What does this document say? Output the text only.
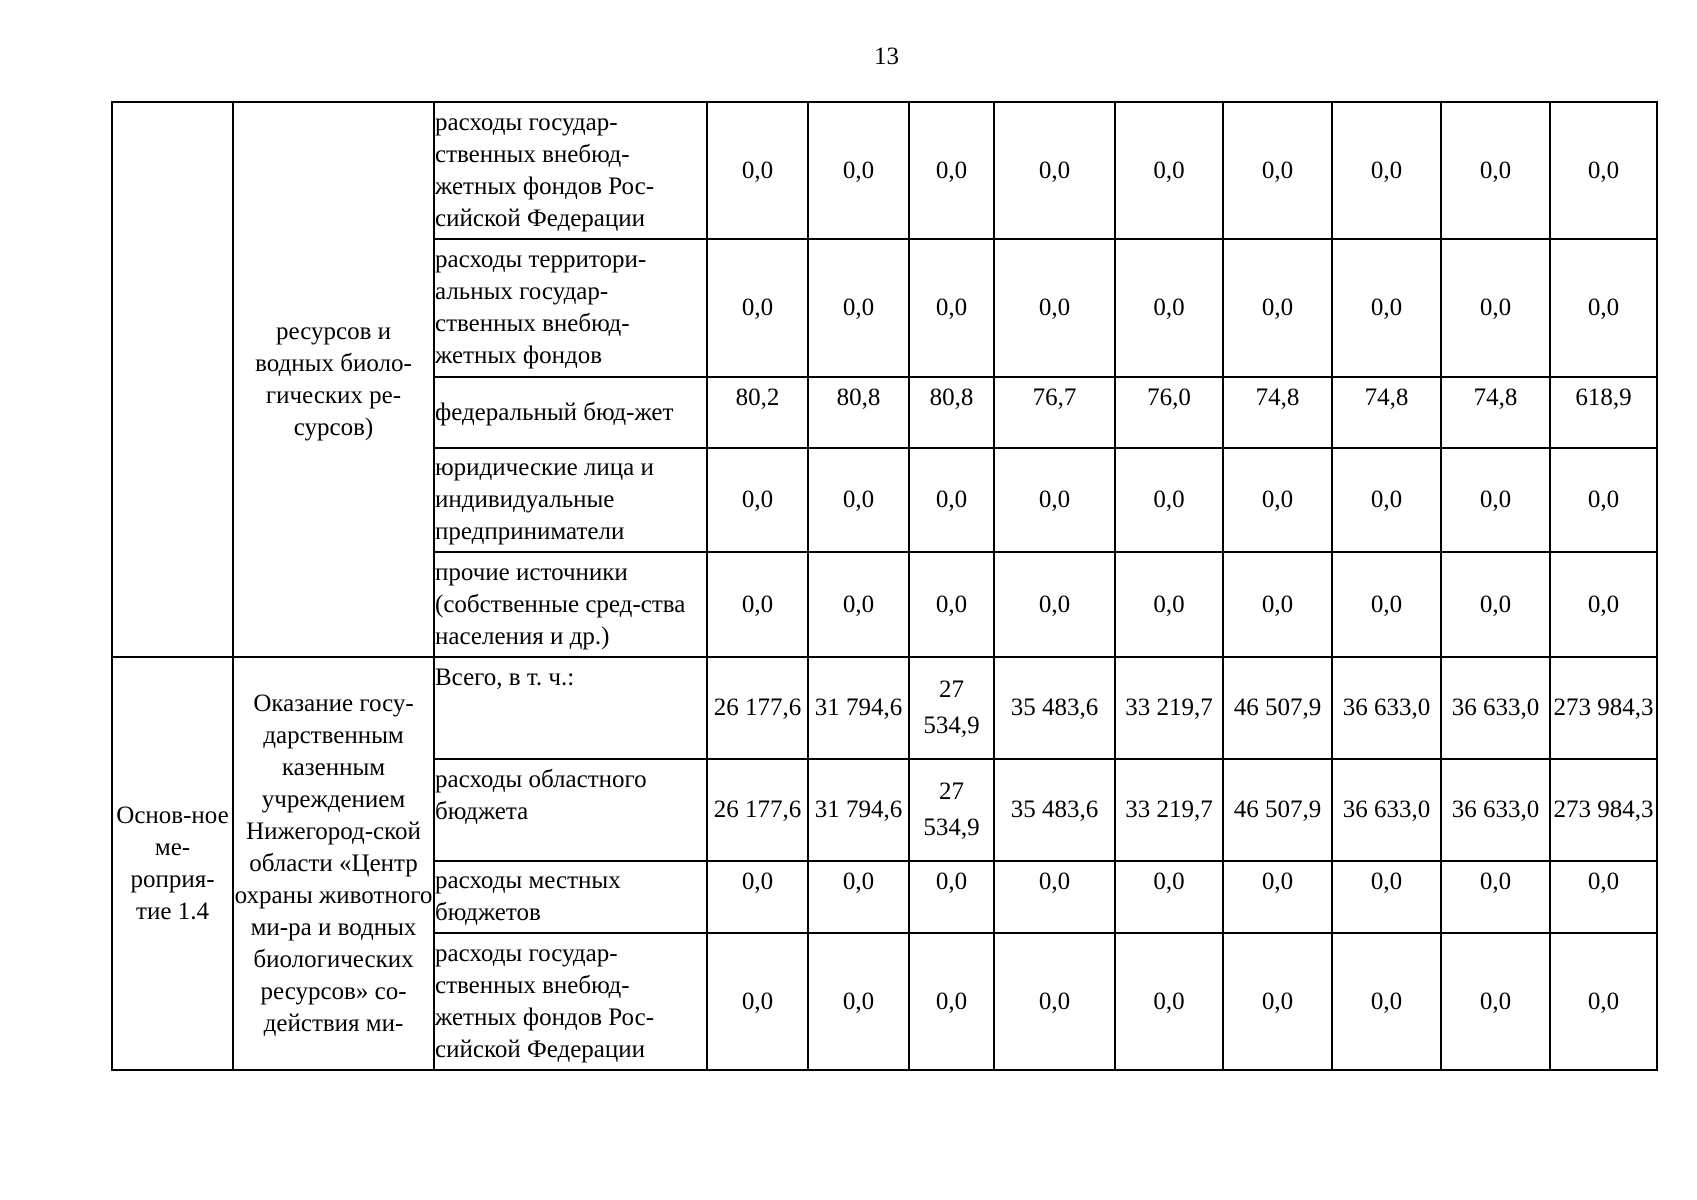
13
	ресурсов и водных биоло-гических ре-сурсов)	расходы государ-ственных внебюд-жетных фондов Рос-сийской Федерации	0,0	0,0	0,0	0,0	0,0	0,0	0,0	0,0	0,0
		расходы территори-альных государ-ственных внебюд-жетных фондов	0,0	0,0	0,0	0,0	0,0	0,0	0,0	0,0	0,0
		федеральный бюд-жет	80,2	80,8	80,8	76,7	76,0	74,8	74,8	74,8	618,9
		юридические лица и индивидуальные предприниматели	0,0	0,0	0,0	0,0	0,0	0,0	0,0	0,0	0,0
		прочие источники (собственные сред-ства населения и др.)	0,0	0,0	0,0	0,0	0,0	0,0	0,0	0,0	0,0
Основ-ное ме-роприя-тие 1.4	Оказание госу-дарственным казенным учреждением Нижегород-ской области «Центр охраны животного ми-ра и водных биологических ресурсов» со-действия ми-	Всего, в т. ч.:	26 177,6	31 794,6	27 534,9	35 483,6	33 219,7	46 507,9	36 633,0	36 633,0	273 984,3
		расходы областного бюджета	26 177,6	31 794,6	27 534,9	35 483,6	33 219,7	46 507,9	36 633,0	36 633,0	273 984,3
		расходы местных бюджетов	0,0	0,0	0,0	0,0	0,0	0,0	0,0	0,0	0,0
		расходы государ-ственных внебюд-жетных фондов Рос-сийской Федерации	0,0	0,0	0,0	0,0	0,0	0,0	0,0	0,0	0,0
